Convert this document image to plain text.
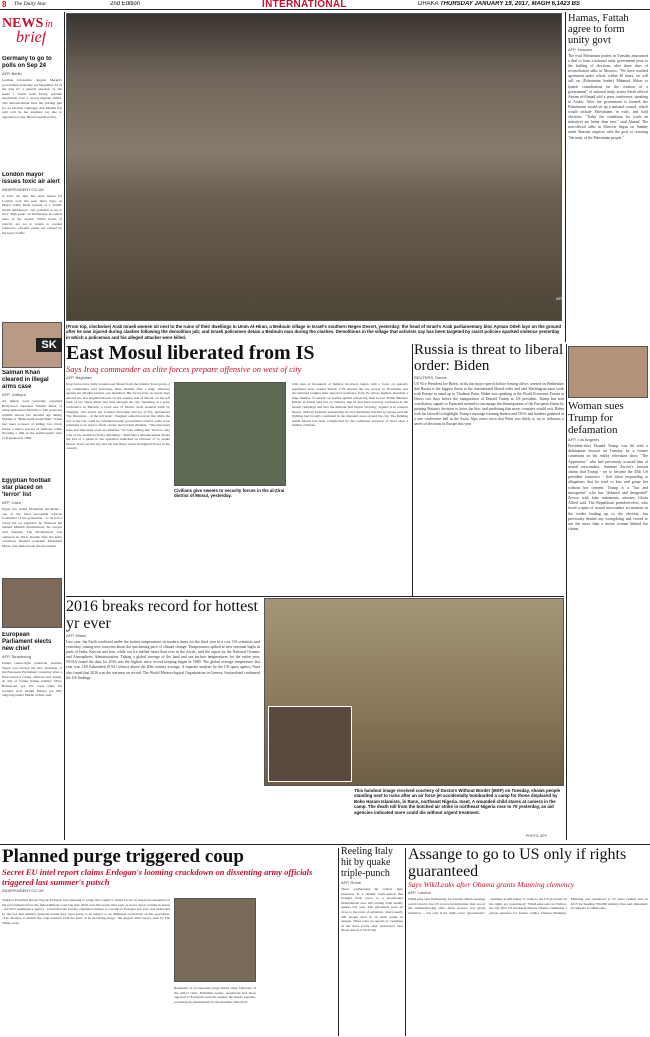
8 The Daily Star	2nd Edition	INTERNATIONAL	DHAKA THURSDAY JANUARY 19, 2017, MAGH 6,1423 BS
NEWS in
brief
Germany to go to polls on Sep 24
AFP, Berlin
German Chancellor Angela Merkel's government yesterday set September 24 as the date for a general election, as she seeks a fourth term facing populist headwinds over a record migrant influx. The announcement fires the starting gun for an election campaign that Merkel has said will be her toughest yet due to opposition to her liberal asylum policy.
London mayor issues toxic air alert
INDEPENDENT.CO.UK
A toxic air alert has been issued for London over the next three days, as Mayor Sadiq Khan warned of a "public health emergency". Air pollution is set to hit a "high peak" on Wednesday in central parts of the capital. While levels of toxicity are set to return to normal tomorrow, extreme peaks are caused by the heavy traffic.
SK
Salman Khan cleared in illegal arms case
AFP, Jodhpur
An Indian court yesterday acquitted Bollywood superstar Salman Khan of using unlicensed firearms to kill protected wildlife almost two decades ago during filming of "Hum Saath-Saath Hain". Khan had been accused of killing two black bucks, a native species of antelope, while shooting a film in the northwestern state of Rajasthan in 1998.
Egyptian football star placed on 'terror' list
AFP, Cairo
Egypt has added Mohamed Aboutrika - one of the most successful African footballers of his generation - to its terror watch list on suspicion he financed the banned Muslim Brotherhood, his lawyer said Tuesday. The Brotherhood was outlawed in 2013, months after the army overthrew Islamist president Mohamed Morsi, who hailed from the movement.
European Parliament elects new chief
AFP, Strasbourg
Italian centre-right politician Antonio Tajani was elected the new president of the European Parliament yesterday after a final round of voting, officials said. Tajani, an ally of former Italian premier Silvio Berlusconi, got 351 votes while his socialist rival Gianni Pittella got 282, outgoing leader Martin Schulz said.
AFP
(From top, clockwise) Arab Israeli women sit next to the ruins of their dwellings in Umm Al-Hiran, a Bedouin village in Israel's southern Negev Desert, yesterday; the head of Israel's Arab parliamentary bloc Ayman Odeh lays on the ground after he was injured during clashes following the demolition job; and Israeli policemen detain a Bedouin man during the clashes. Demolitions in the village that activists say has been targeted by racist policies sparked violence yesterday in which a policeman and his alleged attacker were killed.
Hamas, Fattah agree to form unity govt
AFP, Moscow
The rival Palestinian parties on Tuesday announced a deal to form a national unity government prior to the holding of elections, after three days of reconciliation talks in Moscow. "We have reached agreement under which, within 48 hours, we will call on (Palestinian leader) Mahmud Abbas to launch consultations on the creation of a government" of national unity, senior Fatah official Azzam al-Ahmad told a press conference, speaking in Arabic. After the government is formed, the Palestinians would set up a national council, which would include Palestinians in exile, and hold elections. "Today the conditions for (such an initiative) are better than ever," said Ahmad. The non-official talks in Moscow began on Sunday under Russian auspices with the goal of restoring "the unity of the Palestinian people."
East Mosul liberated from IS
Says Iraq commander as elite forces prepare offensive on west of city
AFP, Baghdad
Iraqi forces have fully retaken east Mosul from the Islamic State group, a top commander said yesterday, three months after a huge offensive against the jihadist bastion was launched. His forces have in recent days entered the last neighbourhoods on the eastern side of Mosul, on the left bank of the Tigris River that runs through the city. Speaking at a press conference in Bartalla, a town east of Mosul, Staff General Talib al-Shaghati, who heads the Counter-Terrorism Service (CTS), announced "the liberation... of the left bank". Shaghati added however that while the east of the city could be considered under government control, some work remained to be done to flush out the last holdout jihadists. "The important lines and important areas are finished," he said, adding that "there is only a bit of the northern (front) remaining." Yesterday's announcement marks the end of a phase in the operation launched on October 17 to retake Mosul, Iraq's second city and the last major urban stronghold IS has in the country.
Civilians give sweets to security forces in the al-Zirai district of Mosul, yesterday.
with tens of thousands of fighters involved, began with a focus on sparsely populated areas around Mosul. CTS entered the city proper in November and encountered tougher than expected resistance from IS, whose fighters launched a huge number of suicide car bombs against advancing Iraqi forces. Prime Minister Haider al-Abadi said last on Tuesday that IS had been severely weakened in the Mosul campaign and that the militant had begun "moving" against it in western Mosul, without formally announcing its end. Residents reached by phone said the fighting had broadly continued in the disputed areas around the city. The fighting inside Mosul has been complicated by the continued presence of more than 1 million civilians.
Russia is threat to liberal order: Biden
REUTERS, Davos
US Vice President Joe Biden, in his last major speech before leaving office, warned on Wednesday that Russia is the biggest threat to the international liberal order and said Washington must work with Europe to stand up to Vladimir Putin. Biden was speaking at the World Economic Forum in Davos two days before the inauguration of Donald Trump as US president. Trump has sent conciliatory signals to Putin and seemed to encourage the disintegration of the European Union by praising Britain's decision to leave the bloc and predicting that more countries would exit. Biden took his farewell to highlight Trump's message warning leaders and CEOs and bankers gathered in a rare conference hall in the Swiss Alps resort town that Putin was likely to try to influence a series of elections in Europe this year.
Woman sues Trump for defamation
AFP, Los Angeles
President-elect Donald Trump was hit with a defamation lawsuit on Tuesday by a former contestant on his reality television show "The Apprentice," who had previously accused him of sexual misconduct. Summer Zervos's lawsuit claims that Trump - set to become the 45th US president tomorrow - lied when responding to allegations that he tried to kiss and grope her without her consent. Trump is a "liar and misogynist" who has "debased and denigrated" Zervos with false statements, attorney Gloria Allred said. The Republican president-elect, who faced a spate of sexual misconduct accusations in the weeks leading up to the election, has previously denied any wrongdoing and vowed to sue the more than a dozen women behind the claims.
2016 breaks record for hottest yr ever
AFP, Miami
Last year, the Earth sweltered under the hottest temperatures in modern times for the third year in a row, US scientists said yesterday, raising new concerns about the quickening pace of climate change. Temperatures spiked to new seasonal highs in parts of India, Kuwait and Iran, while sea ice melted faster than ever in the Arctic, said the report by the National Oceanic and Atmospheric Administration. Taking a global average of the land and sea surface temperatures for the entire year, NOAA found the data for 2016 was the highest since record keeping began in 1880. The global average temperature last year was 1.69 Fahrenheit (0.94 Celsius) above the 20th century average. A separate analysis by the US space agency Nasa also found that 2016 was the warmest on record. The World Meteorological Organization in Geneva, Switzerland confirmed the US findings.
This handout image received courtesy of Doctors Without Border (MSF) on Tuesday, shows people standing next to ruins after an air force jet accidentally bombarded a camp for those displaced by Boko Haram Islamists, in Rann, northeast Nigeria. Inset, A wounded child stares at camera in the camp. The death toll from the botched air strike in northeast Nigeria rose to 70 yesterday, as aid agencies indicated more could die without urgent treatment.
PHOTO: AFP
Planned purge triggered coup
Secret EU intel report claims Erdogan's looming crackdown on dissenting army officials triggered last summer's putsch
INDEPENDENT.CO.UK
Turkey's President Recep Tayyip Erdogan was planning to purge the country's armed forces of suspected dissenters in his government before the failed military coup last July 2016, new European intel says. A secret report written in-house - the EU's intelligence agency - found that the loosely organised attempt to overthrow Erdogan last year was motivated by the fact that military generals feared they were going to be subject to an imminent crackdown on the opposition. "The decision to launch the coup resulted from the fears of an incoming purge," the August 2016 report, seen by The Times, read.
Remnants of an expected purge aimed army followers of the exiled cleric Fethullah Gulen, secularists and those opposed to Erdogan's policies against the Kurds together, providing the momentum for the dramatic failed bid.
Reeling Italy hit by quake triple-punch
AFP, Rome
Three earthquakes hit central Italy yesterday in a seismic triple-punch that brought fresh terror to a snowbound mountainous area still reeling from deadly quakes last year. The epicentres were all close to the town of Amatrice, where nearly 300 people died in an earth quake in August. There were no reports of casualties in the three hours after yesterday's first shock struck at 10:25 am.
Assange to go to US only if rights guaranteed
Says WikiLeaks after Obama grants Manning clemency
AFP, London
WikiLeaks said Wednesday its founder Julian Assange could travel to the US to face investigation after one of the whistleblowing site's main sources was given clemency -- but only if his rights were "guaranteed". "Assange is still happy to come to the US provided all his rights are guaranteed," WikiLeaks said on Twitter, the day after US President Barack Obama commuted a prison sentence for former soldier Chelsea Manning. Manning was sentenced to 35 years behind bars in 2013 for handing 700,000 military files and diplomatic documents to WikiLeaks.
